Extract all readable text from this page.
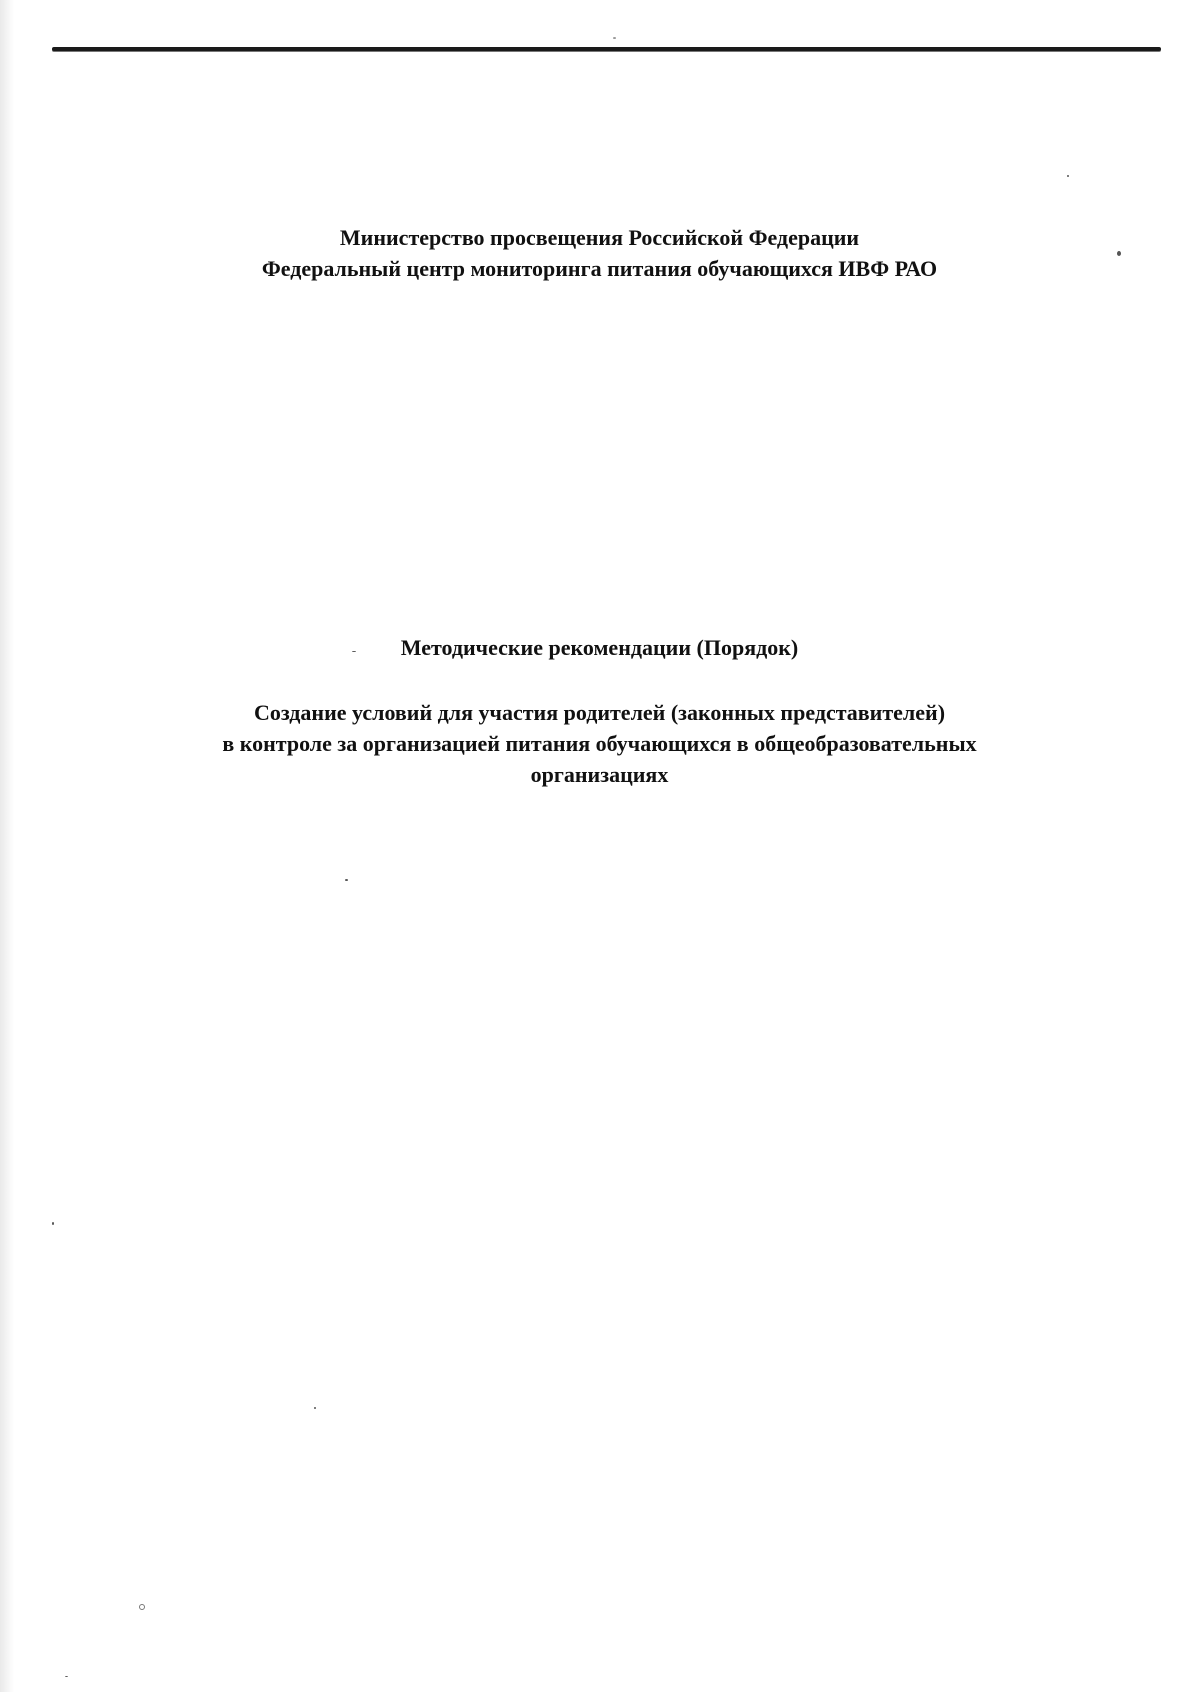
Министерство просвещения Российской Федерации
Федеральный центр мониторинга питания обучающихся ИВФ РАО
Методические рекомендации (Порядок)
Создание условий для участия родителей (законных представителей)
в контроле за организацией питания обучающихся в общеобразовательных
организациях
